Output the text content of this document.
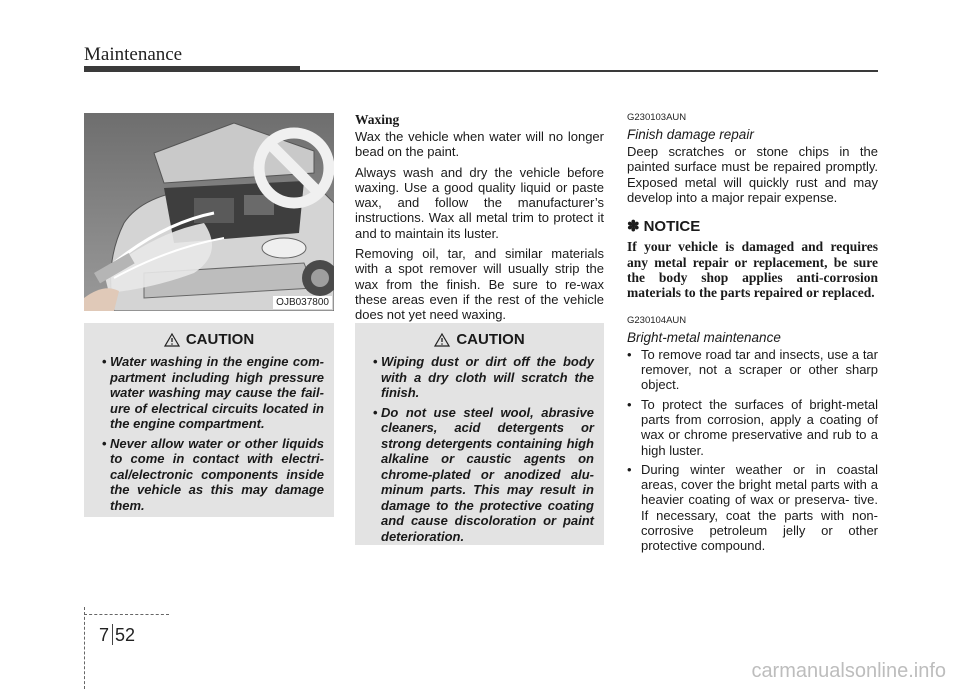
Maintenance
OJB037800
CAUTION
• Water washing in the engine com- partment including high pressure water washing may cause the fail- ure of electrical circuits located in the engine compartment.
• Never allow water or other liquids to come in contact with electri- cal/electronic components inside the vehicle as this may damage them.

Waxing

Wax the vehicle when water will no longer bead on the paint.

Always wash and dry the vehicle before waxing. Use a good quality liquid or paste wax, and follow the manufacturer’s instructions. Wax all metal trim to protect it and to maintain its luster.

Removing oil, tar, and similar materials with a spot remover will usually strip the wax from the finish. Be sure to re-wax these areas even if the rest of the vehicle does not yet need waxing.

CAUTION
• Wiping dust or dirt off the body with a dry cloth will scratch the finish.
• Do not use steel wool, abrasive cleaners, acid detergents or strong detergents containing high alkaline or caustic agents on chrome-plated or anodized alu- minum parts. This may result in damage to the protective coating and cause discoloration or paint deterioration.

G230103AUN

Finish damage repair

Deep scratches or stone chips in the painted surface must be repaired promptly. Exposed metal will quickly rust and may develop into a major repair expense.

✽ NOTICE

If your vehicle is damaged and requires any metal repair or replacement, be sure the body shop applies anti-corrosion materials to the parts repaired or replaced.

G230104AUN

Bright-metal maintenance

• To remove road tar and insects, use a tar remover, not a scraper or other sharp object.
• To protect the surfaces of bright-metal parts from corrosion, apply a coating of wax or chrome preservative and rub to a high luster.
• During winter weather or in coastal areas, cover the bright metal parts with a heavier coating of wax or preserva- tive. If necessary, coat the parts with non-corrosive petroleum jelly or other protective compound.
7 52
carmanualsonline.info
